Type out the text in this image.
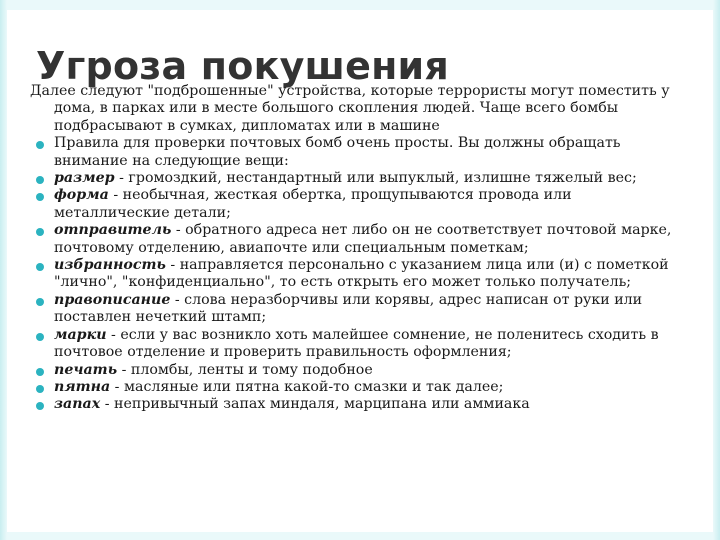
Угроза покушения

Далее следуют "подброшенные" устройства, которые террористы могут поместить у дома, в парках или в месте большого скопления людей. Чаще всего бомбы подбрасывают в сумках, дипломатах или в машине

Правила для проверки почтовых бомб очень просты. Вы должны обращать внимание на следующие вещи:
размер - громоздкий, нестандартный или выпуклый, излишне тяжелый вес;
форма - необычная, жесткая обертка, прощупываются провода или металлические детали;
отправитель - обратного адреса нет либо он не соответствует почтовой марке, почтовому отделению, авиапочте или специальным пометкам;
избранность - направляется персонально с указанием лица или (и) с пометкой "лично", "конфиденциально", то есть открыть его может только получатель;
правописание - слова неразборчивы или корявы, адрес написан от руки или поставлен нечеткий штамп;
марки - если у вас возникло хоть малейшее сомнение, не поленитесь сходить в почтовое отделение и проверить правильность оформления;
печать - пломбы, ленты и тому подобное
пятна - масляные или пятна какой-то смазки и так далее;
запах - непривычный запах миндаля, марципана или аммиака
